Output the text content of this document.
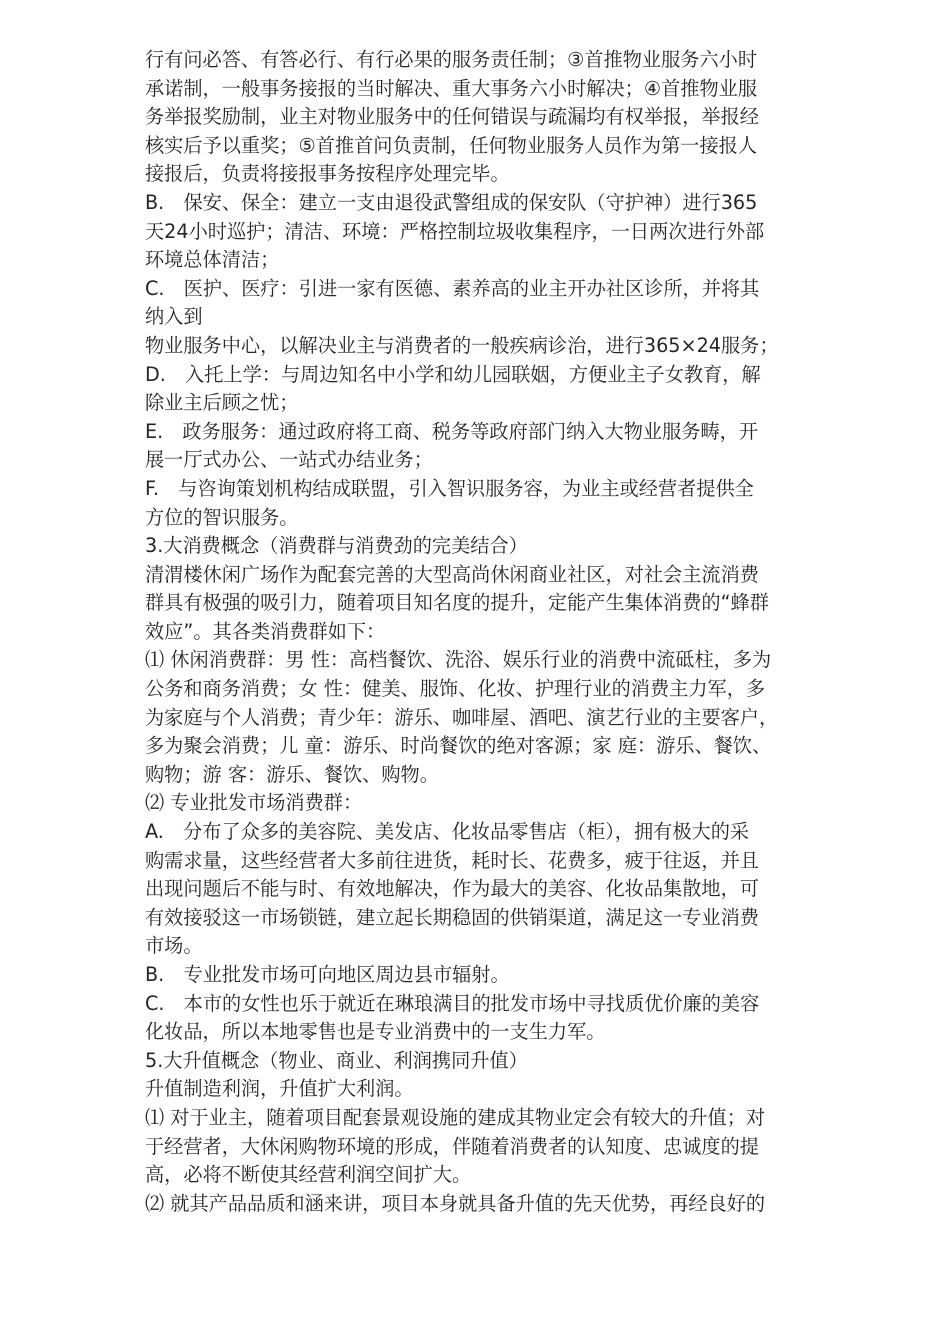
行有问必答、有答必行、有行必果的服务责任制；③首推物业服务六小时
承诺制，一般事务接报的当时解决、重大事务六小时解决；④首推物业服
务举报奖励制，业主对物业服务中的任何错误与疏漏均有权举报，举报经
核实后予以重奖；⑤首推首问负责制，任何物业服务人员作为第一接报人
接报后，负责将接报事务按程序处理完毕。
B.　保安、保全：建立一支由退役武警组成的保安队（守护神）进行365
天24小时巡护；清洁、环境：严格控制垃圾收集程序，一日两次进行外部
环境总体清洁；
C.　医护、医疗：引进一家有医德、素养高的业主开办社区诊所，并将其
纳入到
物业服务中心，以解决业主与消费者的一般疾病诊治，进行365×24服务；
D.　入托上学：与周边知名中小学和幼儿园联姻，方便业主子女教育，解
除业主后顾之忧；
E.　政务服务：通过政府将工商、税务等政府部门纳入大物业服务畴，开
展一厅式办公、一站式办结业务；
F.　与咨询策划机构结成联盟，引入智识服务容，为业主或经营者提供全
方位的智识服务。
3.大消费概念（消费群与消费劲的完美结合）
清渭楼休闲广场作为配套完善的大型高尚休闲商业社区，对社会主流消费
群具有极强的吸引力，随着项目知名度的提升，定能产生集体消费的“蜂群
效应”。其各类消费群如下：
⑴ 休闲消费群：男 性：高档餐饮、洗浴、娱乐行业的消费中流砥柱，多为
公务和商务消费；女 性：健美、服饰、化妆、护理行业的消费主力军，多
为家庭与个人消费；青少年：游乐、咖啡屋、酒吧、演艺行业的主要客户，
多为聚会消费；儿 童：游乐、时尚餐饮的绝对客源；家 庭：游乐、餐饮、
购物；游 客：游乐、餐饮、购物。
⑵ 专业批发市场消费群：
A.　分布了众多的美容院、美发店、化妆品零售店（柜），拥有极大的采
购需求量，这些经营者大多前往进货，耗时长、花费多，疲于往返，并且
出现问题后不能与时、有效地解决，作为最大的美容、化妆品集散地，可
有效接驳这一市场锁链，建立起长期稳固的供销渠道，满足这一专业消费
市场。
B.　专业批发市场可向地区周边县市辐射。
C.　本市的女性也乐于就近在琳琅满目的批发市场中寻找质优价廉的美容
化妆品，所以本地零售也是专业消费中的一支生力军。
5.大升值概念（物业、商业、利润携同升值）
升值制造利润，升值扩大利润。
⑴ 对于业主，随着项目配套景观设施的建成其物业定会有较大的升值；对
于经营者，大休闲购物环境的形成，伴随着消费者的认知度、忠诚度的提
高，必将不断使其经营利润空间扩大。
⑵ 就其产品品质和涵来讲，项目本身就具备升值的先天优势，再经良好的
